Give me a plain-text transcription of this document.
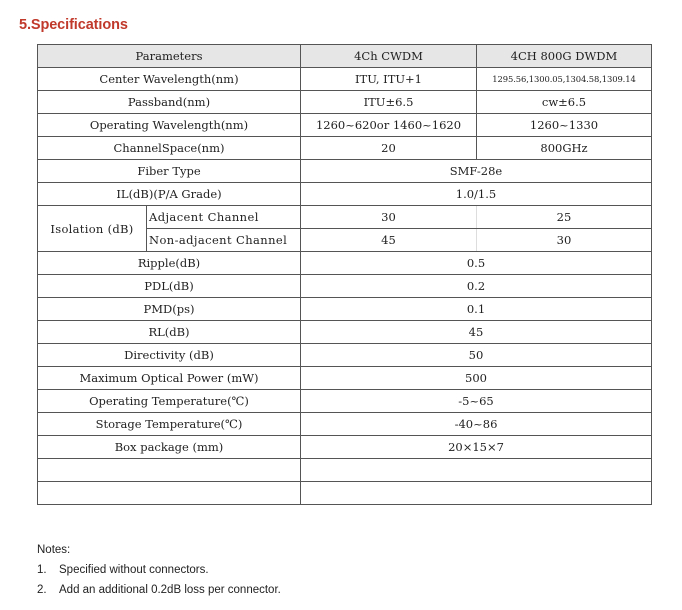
5.Specifications
Parameters		4Ch CWDM	4CH 800G DWDM
Center Wavelength(nm)		ITU, ITU+1	1295.56,1300.05,1304.58,1309.14
Passband(nm)		ITU±6.5	cw±6.5
Operating Wavelength(nm)		1260~620or 1460~1620	1260~1330
ChannelSpace(nm)		20	800GHz
Fiber Type		SMF-28e	
IL(dB)(P/A Grade)		1.0/1.5	
Isolation (dB)	Adjacent Channel	30	25
	Non-adjacent Channel	45	30
Ripple(dB)		0.5	
PDL(dB)		0.2	
PMD(ps)		0.1	
RL(dB)		45	
Directivity (dB)		50	
Maximum Optical Power (mW)		500	
Operating Temperature(℃)		-5~65	
Storage Temperature(℃)		-40~86	
Box package (mm)		20×15×7	

Notes:
1. Specified without connectors.
2. Add an additional 0.2dB loss per connector.
